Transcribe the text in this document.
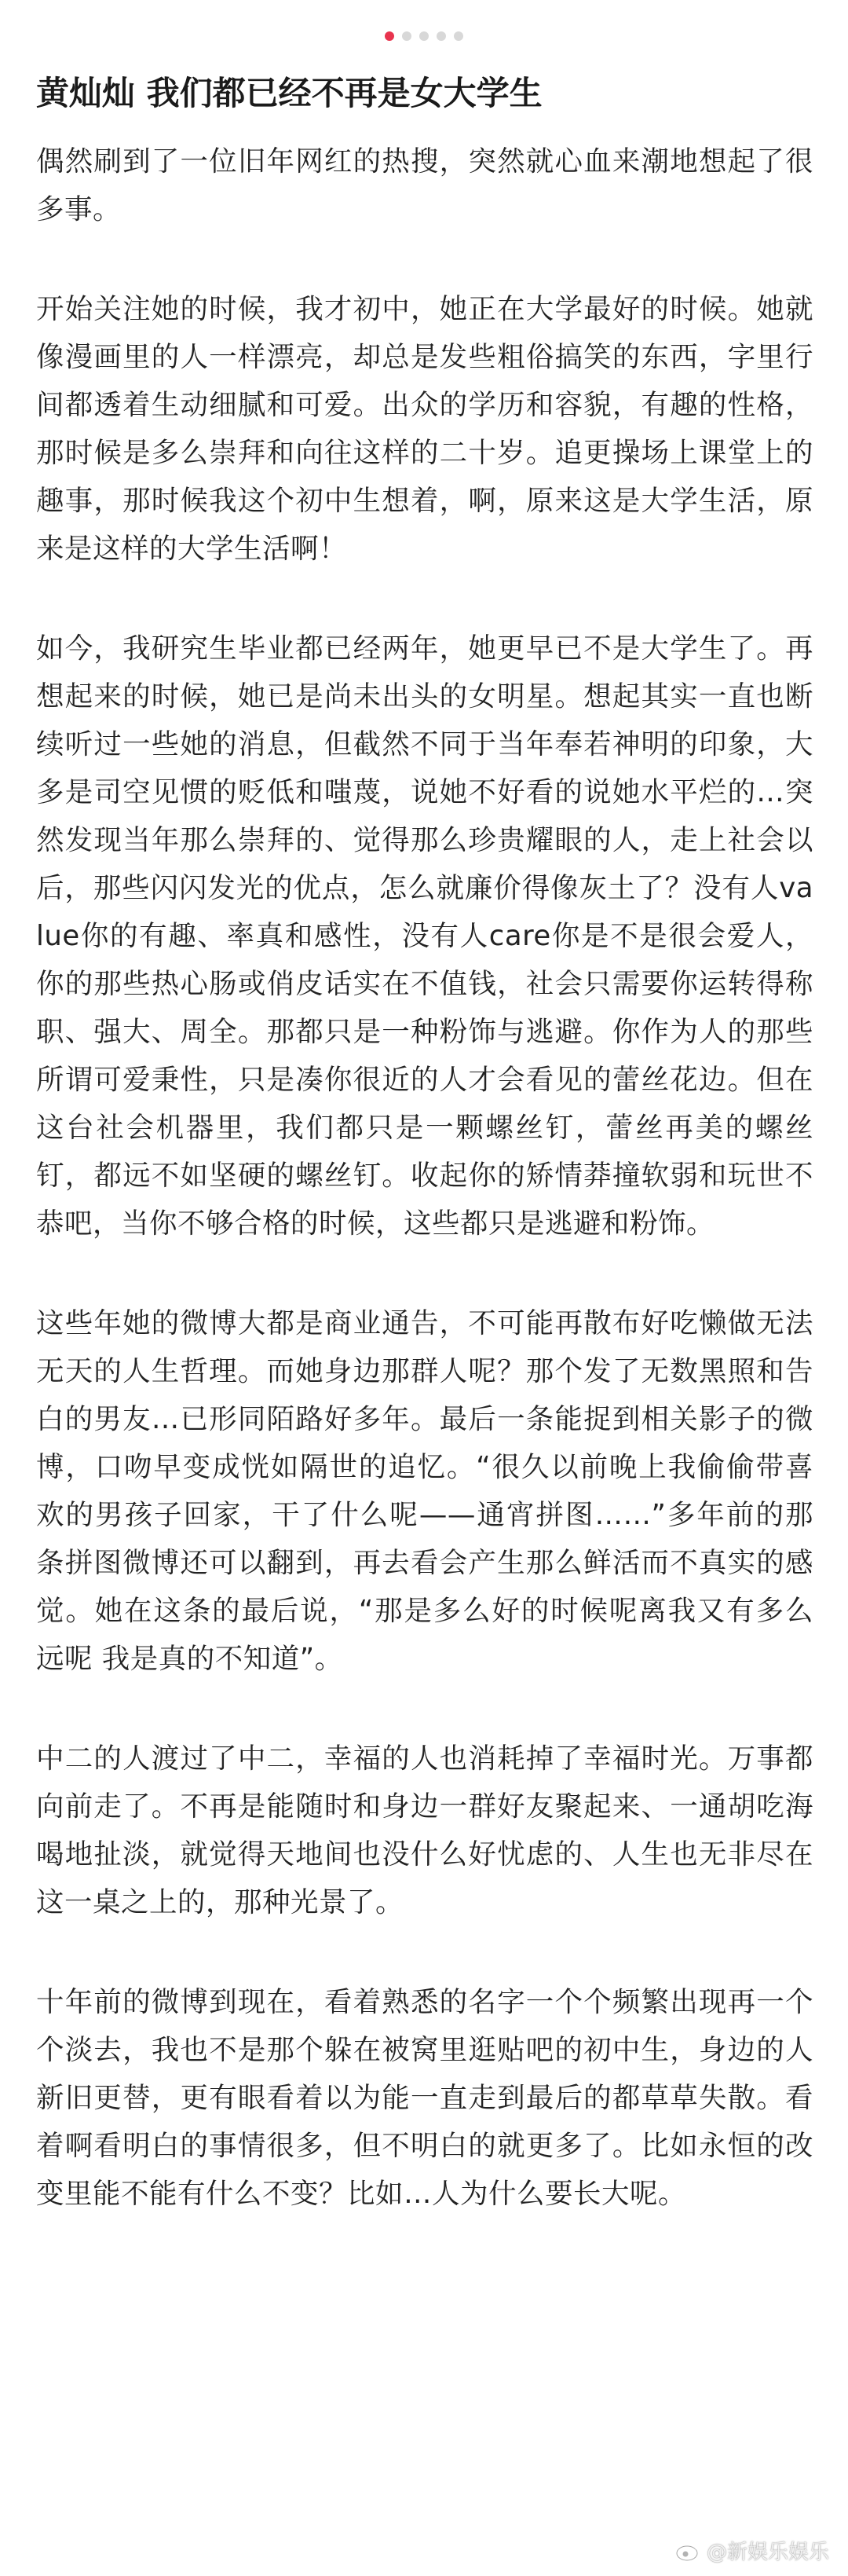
黄灿灿 我们都已经不再是女大学生

偶然刷到了一位旧年网红的热搜，突然就心血来潮地想起了很多事。

开始关注她的时候，我才初中，她正在大学最好的时候。她就像漫画里的人一样漂亮，却总是发些粗俗搞笑的东西，字里行间都透着生动细腻和可爱。出众的学历和容貌，有趣的性格，那时候是多么崇拜和向往这样的二十岁。追更操场上课堂上的趣事，那时候我这个初中生想着，啊，原来这是大学生活，原来是这样的大学生活啊！

如今，我研究生毕业都已经两年，她更早已不是大学生了。再想起来的时候，她已是尚未出头的女明星。想起其实一直也断续听过一些她的消息，但截然不同于当年奉若神明的印象，大多是司空见惯的贬低和嗤蔑，说她不好看的说她水平烂的…突然发现当年那么崇拜的、觉得那么珍贵耀眼的人，走上社会以后，那些闪闪发光的优点，怎么就廉价得像灰土了？没有人value你的有趣、率真和感性，没有人care你是不是很会爱人，你的那些热心肠或俏皮话实在不值钱，社会只需要你运转得称职、强大、周全。那都只是一种粉饰与逃避。你作为人的那些所谓可爱秉性，只是凑你很近的人才会看见的蕾丝花边。但在这台社会机器里，我们都只是一颗螺丝钉，蕾丝再美的螺丝钉，都远不如坚硬的螺丝钉。收起你的矫情莽撞软弱和玩世不恭吧，当你不够合格的时候，这些都只是逃避和粉饰。

这些年她的微博大都是商业通告，不可能再散布好吃懒做无法无天的人生哲理。而她身边那群人呢？那个发了无数黑照和告白的男友…已形同陌路好多年。最后一条能捉到相关影子的微博，口吻早变成恍如隔世的追忆。“很久以前晚上我偷偷带喜欢的男孩子回家，干了什么呢——通宵拼图……”多年前的那条拼图微博还可以翻到，再去看会产生那么鲜活而不真实的感觉。她在这条的最后说，“那是多么好的时候呢离我又有多么远呢 我是真的不知道”。

中二的人渡过了中二，幸福的人也消耗掉了幸福时光。万事都向前走了。不再是能随时和身边一群好友聚起来、一通胡吃海喝地扯淡，就觉得天地间也没什么好忧虑的、人生也无非尽在这一桌之上的，那种光景了。

十年前的微博到现在，看着熟悉的名字一个个频繁出现再一个个淡去，我也不是那个躲在被窝里逛贴吧的初中生，身边的人新旧更替，更有眼看着以为能一直走到最后的都草草失散。看着啊看明白的事情很多，但不明白的就更多了。比如永恒的改变里能不能有什么不变？比如…人为什么要长大呢。

@新娱乐娱乐
